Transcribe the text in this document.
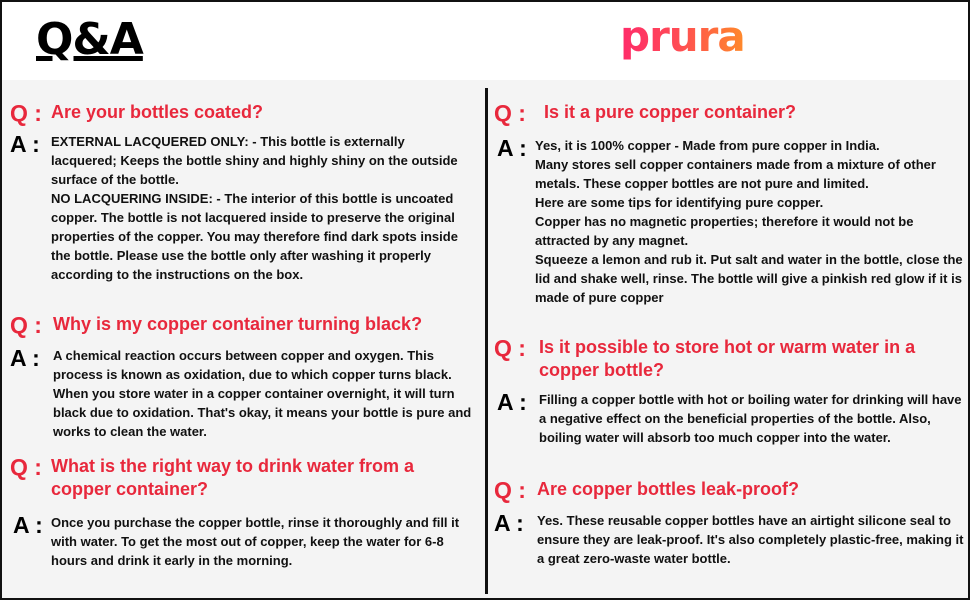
Q&A	prura
Q : Are your bottles coated?
A : EXTERNAL LACQUERED ONLY: - This bottle is externally lacquered; Keeps the bottle shiny and highly shiny on the outside surface of the bottle.
NO LACQUERING INSIDE: - The interior of this bottle is uncoated copper. The bottle is not lacquered inside to preserve the original properties of the copper. You may therefore find dark spots inside the bottle. Please use the bottle only after washing it properly according to the instructions on the box.
Q : Why is my copper container turning black?
A : A chemical reaction occurs between copper and oxygen. This process is known as oxidation, due to which copper turns black. When you store water in a copper container overnight, it will turn black due to oxidation. That's okay, it means your bottle is pure and works to clean the water.
Q : What is the right way to drink water from a copper container?
A : Once you purchase the copper bottle, rinse it thoroughly and fill it with water. To get the most out of copper, keep the water for 6-8 hours and drink it early in the morning.
Q : Is it a pure copper container?
A : Yes, it is 100% copper - Made from pure copper in India.
Many stores sell copper containers made from a mixture of other metals. These copper bottles are not pure and limited.
Here are some tips for identifying pure copper.
Copper has no magnetic properties; therefore it would not be attracted by any magnet.
Squeeze a lemon and rub it. Put salt and water in the bottle, close the lid and shake well, rinse. The bottle will give a pinkish red glow if it is made of pure copper
Q : Is it possible to store hot or warm water in a copper bottle?
A : Filling a copper bottle with hot or boiling water for drinking will have a negative effect on the beneficial properties of the bottle. Also, boiling water will absorb too much copper into the water.
Q : Are copper bottles leak-proof?
A : Yes. These reusable copper bottles have an airtight silicone seal to ensure they are leak-proof. It's also completely plastic-free, making it a great zero-waste water bottle.
